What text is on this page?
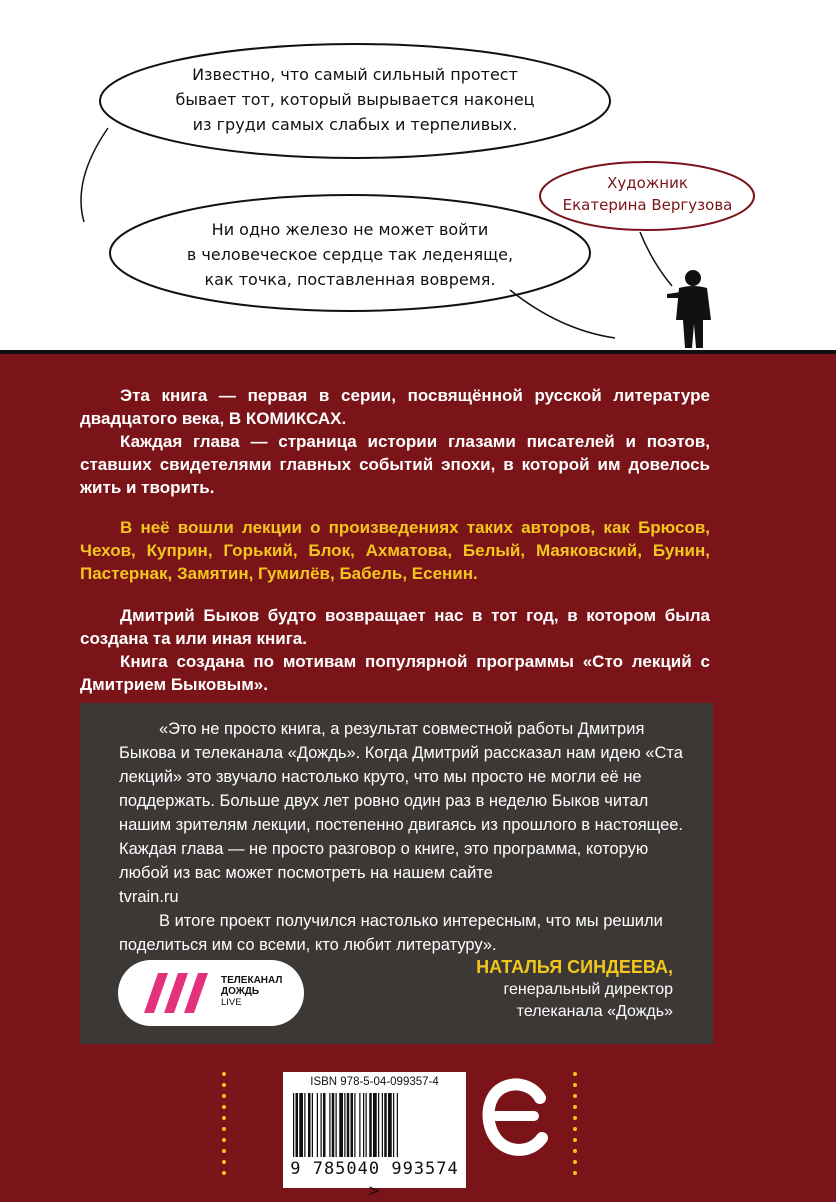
Известно, что самый сильный протест
бывает тот, который вырывается наконец
из груди самых слабых и терпеливых.
Ни одно железо не может войти
в человеческое сердце так леденяще,
как точка, поставленная вовремя.
Художник
Екатерина Вергузова

Эта книга — первая в серии, посвящённой русской литературе двадцатого века, В КОМИКСАХ.

Каждая глава — страница истории глазами писателей и поэтов, ставших свидетелями главных событий эпохи, в которой им довелось жить и творить.

В неё вошли лекции о произведениях таких авторов, как Брюсов, Чехов, Куприн, Горький, Блок, Ахматова, Белый, Маяковский, Бунин, Пастернак, Замятин, Гумилёв, Бабель, Есенин.

Дмитрий Быков будто возвращает нас в тот год, в котором была создана та или иная книга.

Книга создана по мотивам популярной программы «Сто лекций с Дмитрием Быковым».

«Это не просто книга, а результат совместной работы Дмитрия Быкова и телеканала «Дождь». Когда Дмитрий рассказал нам идею «Ста лекций» это звучало настолько круто, что мы просто не могли её не поддержать. Больше двух лет ровно один раз в неделю Быков читал нашим зрителям лекции, постепенно двигаясь из прошлого в настоящее. Каждая глава — не просто разговор о книге, это программа, которую любой из вас может посмотреть на нашем сайте

tvrain.ru

В итоге проект получился настолько интересным, что мы решили поделиться им со всеми, кто любит литературу».

ТЕЛЕКАНАЛ
ДОЖДЬ
LIVE
НАТАЛЬЯ СИНДЕЕВА,
генеральный директор
телеканала «Дождь»
ISBN 978-5-04-099357-4
9 785040 993574 >
